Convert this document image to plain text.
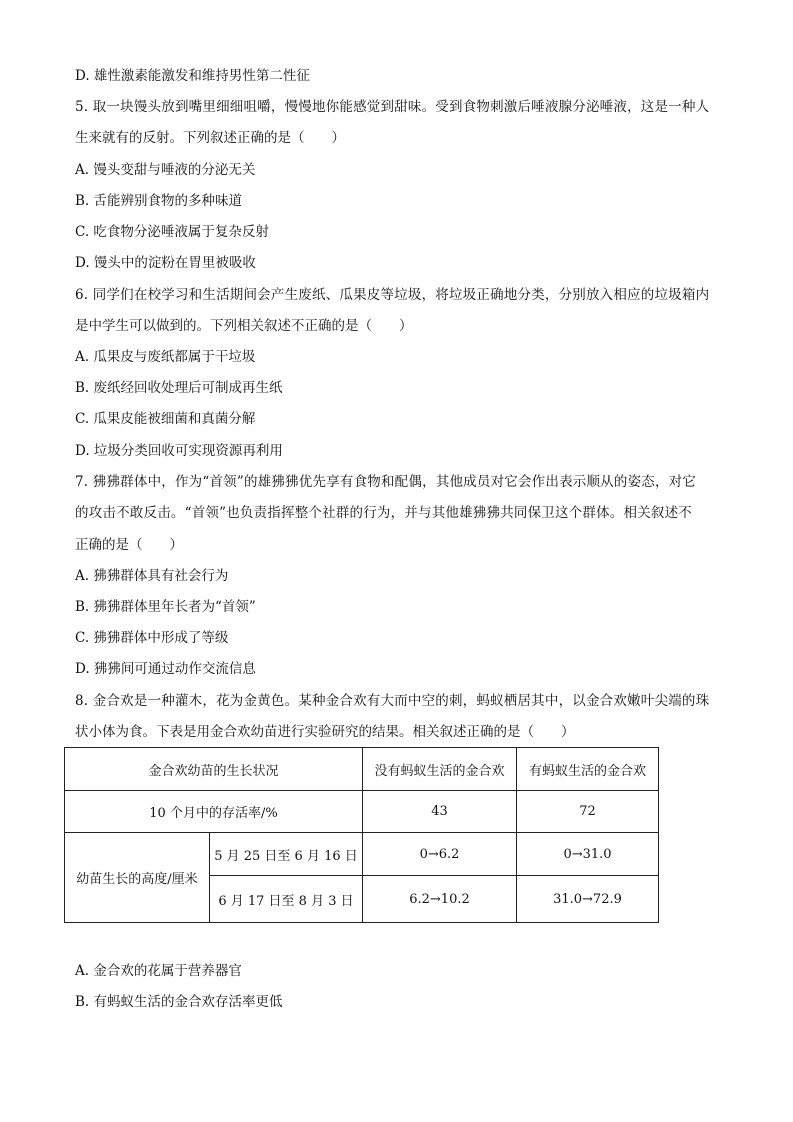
D. 雄性激素能激发和维持男性第二性征
5. 取一块馒头放到嘴里细细咀嚼，慢慢地你能感觉到甜味。受到食物刺激后唾液腺分泌唾液，这是一种人
生来就有的反射。下列叙述正确的是（　　）
A. 馒头变甜与唾液的分泌无关
B. 舌能辨别食物的多种味道
C. 吃食物分泌唾液属于复杂反射
D. 馒头中的淀粉在胃里被吸收
6. 同学们在校学习和生活期间会产生废纸、瓜果皮等垃圾，将垃圾正确地分类，分别放入相应的垃圾箱内
是中学生可以做到的。下列相关叙述不正确的是（　　）
A. 瓜果皮与废纸都属于干垃圾
B. 废纸经回收处理后可制成再生纸
C. 瓜果皮能被细菌和真菌分解
D. 垃圾分类回收可实现资源再利用
7. 狒狒群体中，作为“首领”的雄狒狒优先享有食物和配偶，其他成员对它会作出表示顺从的姿态，对它
的攻击不敢反击。“首领”也负责指挥整个社群的行为，并与其他雄狒狒共同保卫这个群体。相关叙述不
正确的是（　　）
A. 狒狒群体具有社会行为
B. 狒狒群体里年长者为“首领”
C. 狒狒群体中形成了等级
D. 狒狒间可通过动作交流信息
8. 金合欢是一种灌木，花为金黄色。某种金合欢有大而中空的刺，蚂蚁栖居其中，以金合欢嫩叶尖端的珠
状小体为食。下表是用金合欢幼苗进行实验研究的结果。相关叙述正确的是（　　）
金合欢幼苗的生长状况		没有蚂蚁生活的金合欢	有蚂蚁生活的金合欢
10 个月中的存活率/%		43	72
幼苗生长的高度/厘米	5 月 25 日至 6 月 16 日	0→6.2	0→31.0
	6 月 17 日至 8 月 3 日	6.2→10.2	31.0→72.9
A. 金合欢的花属于营养器官
B. 有蚂蚁生活的金合欢存活率更低
